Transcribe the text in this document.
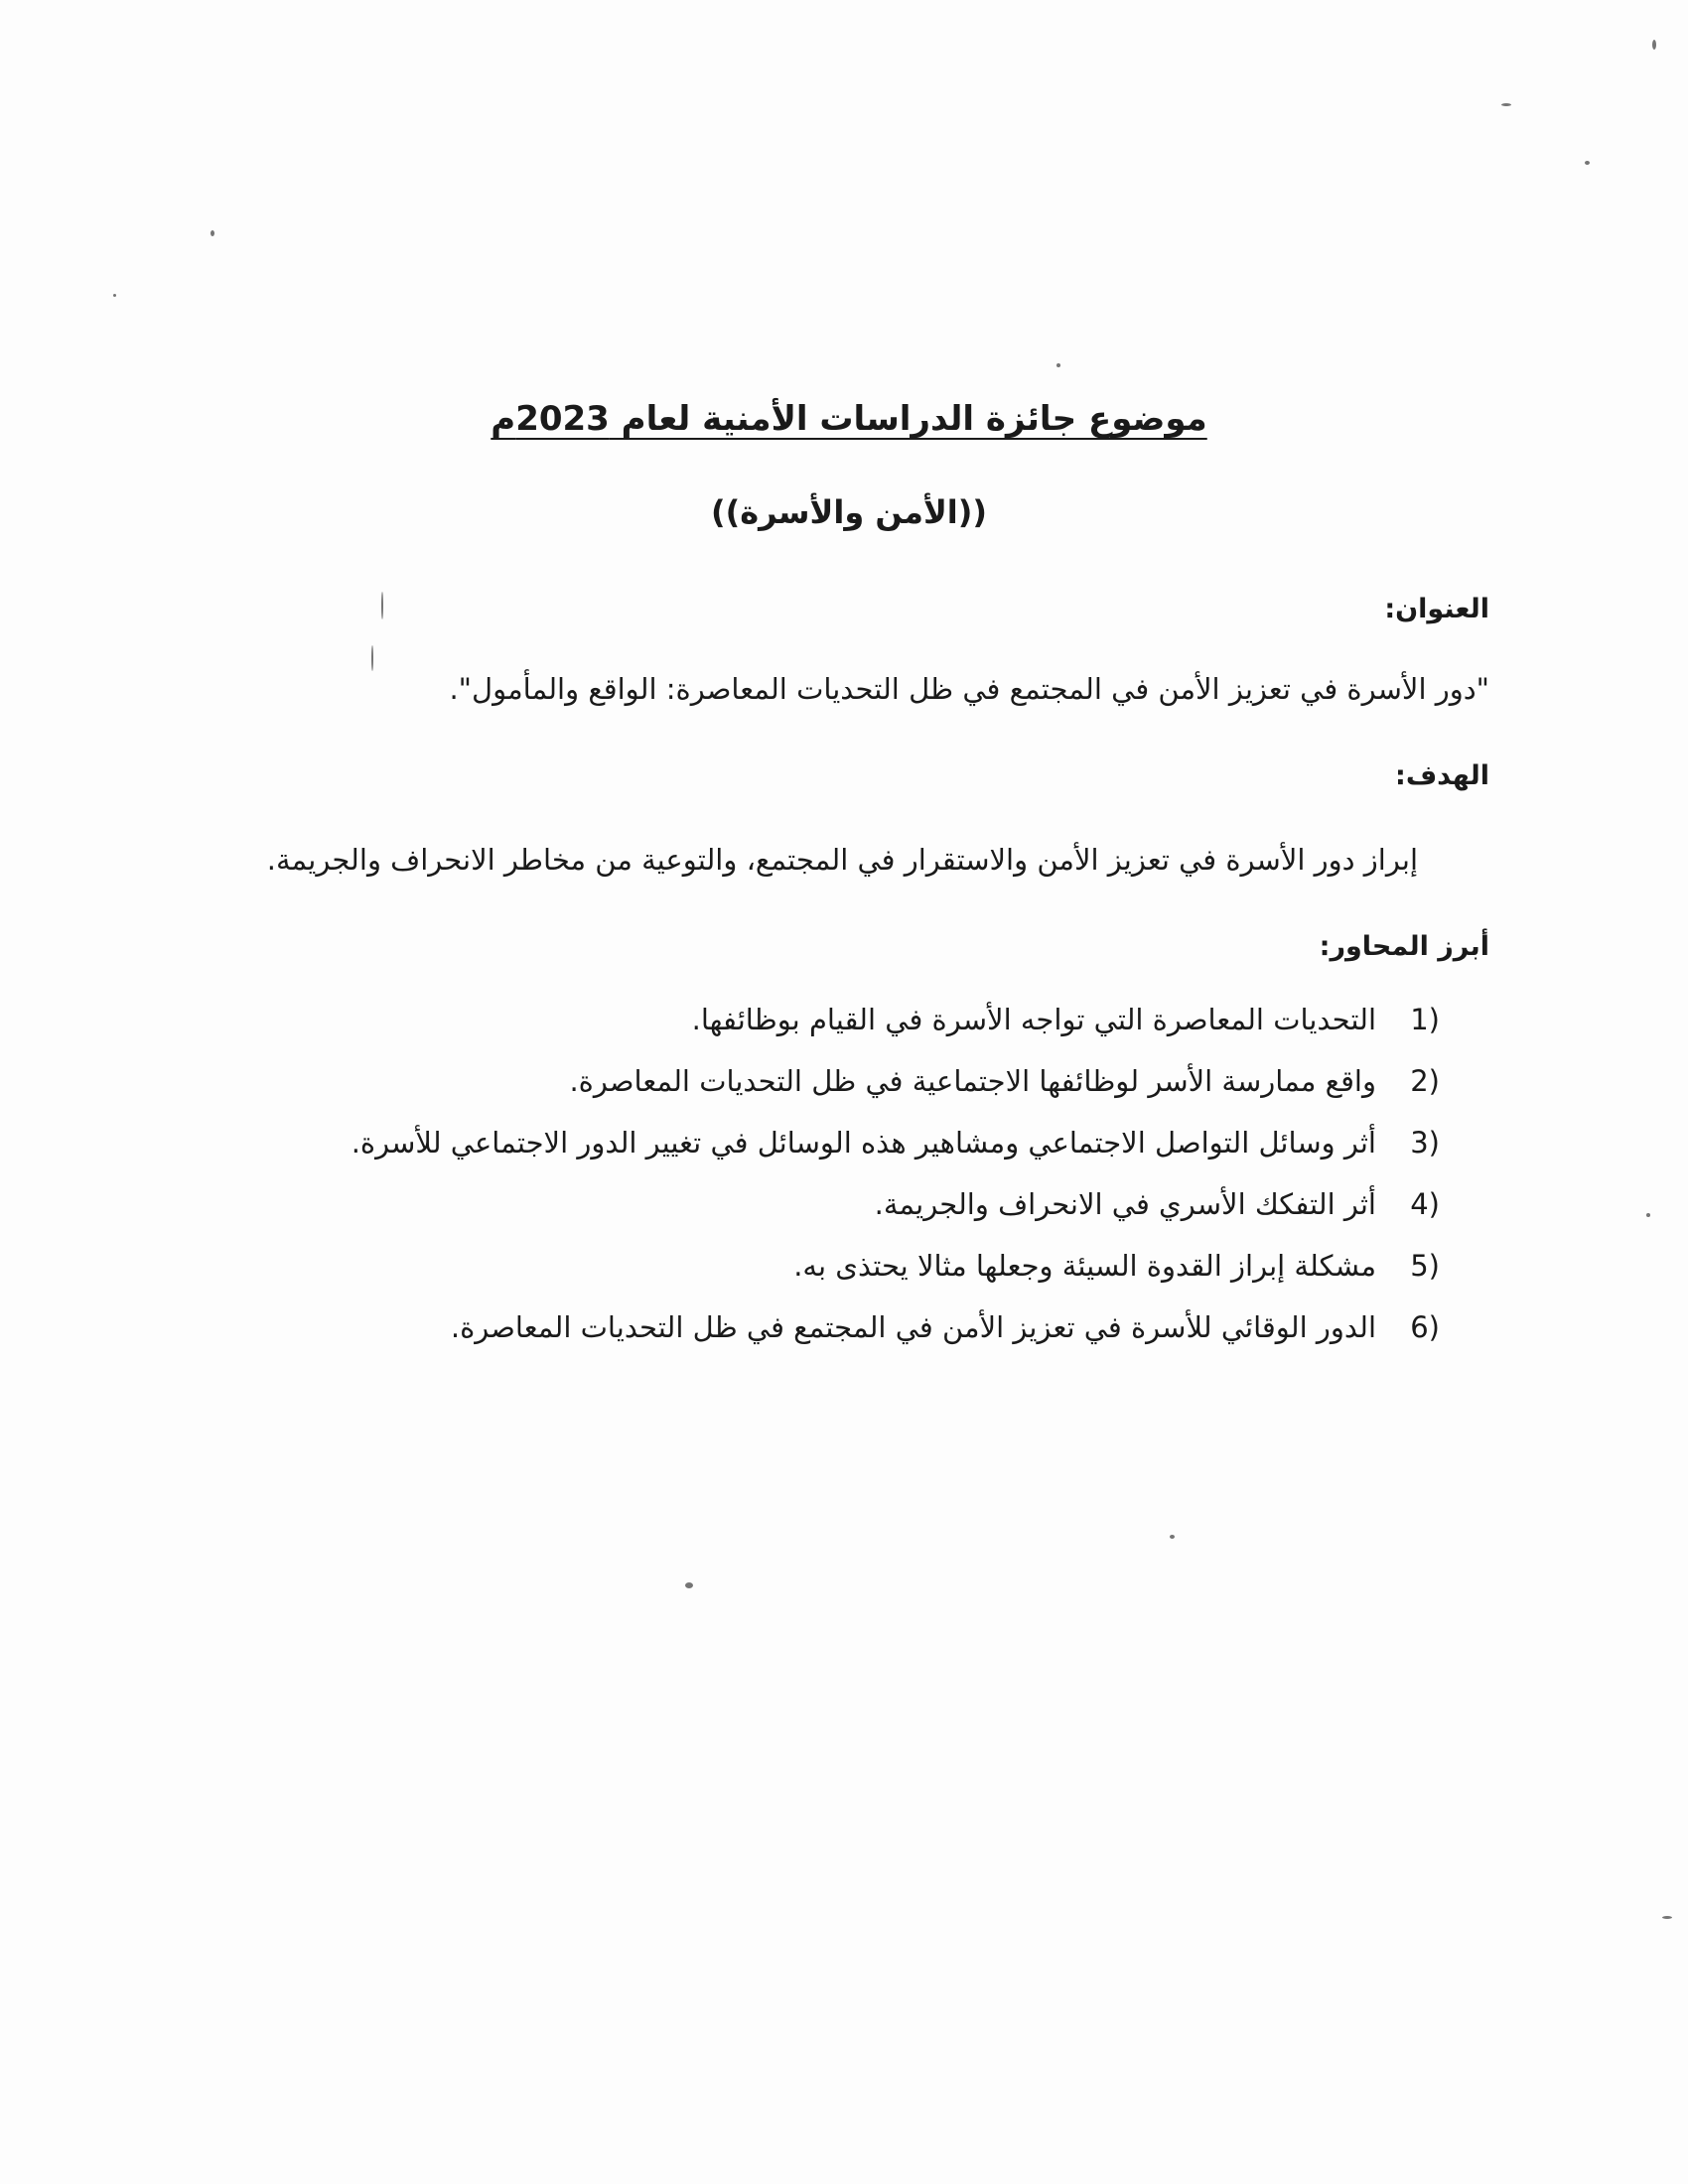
موضوع جائزة الدراسات الأمنية لعام 2023م
((الأمن والأسرة))
العنوان:
"دور الأسرة في تعزيز الأمن في المجتمع في ظل التحديات المعاصرة: الواقع والمأمول".
الهدف:
إبراز دور الأسرة في تعزيز الأمن والاستقرار في المجتمع، والتوعية من مخاطر الانحراف والجريمة.
أبرز المحاور:
1)
التحديات المعاصرة التي تواجه الأسرة في القيام بوظائفها.
2)
واقع ممارسة الأسر لوظائفها الاجتماعية في ظل التحديات المعاصرة.
3)
أثر وسائل التواصل الاجتماعي ومشاهير هذه الوسائل في تغيير الدور الاجتماعي للأسرة.
4)
أثر التفكك الأسري في الانحراف والجريمة.
5)
مشكلة إبراز القدوة السيئة وجعلها مثالا يحتذى به.
6)
الدور الوقائي للأسرة في تعزيز الأمن في المجتمع في ظل التحديات المعاصرة.
